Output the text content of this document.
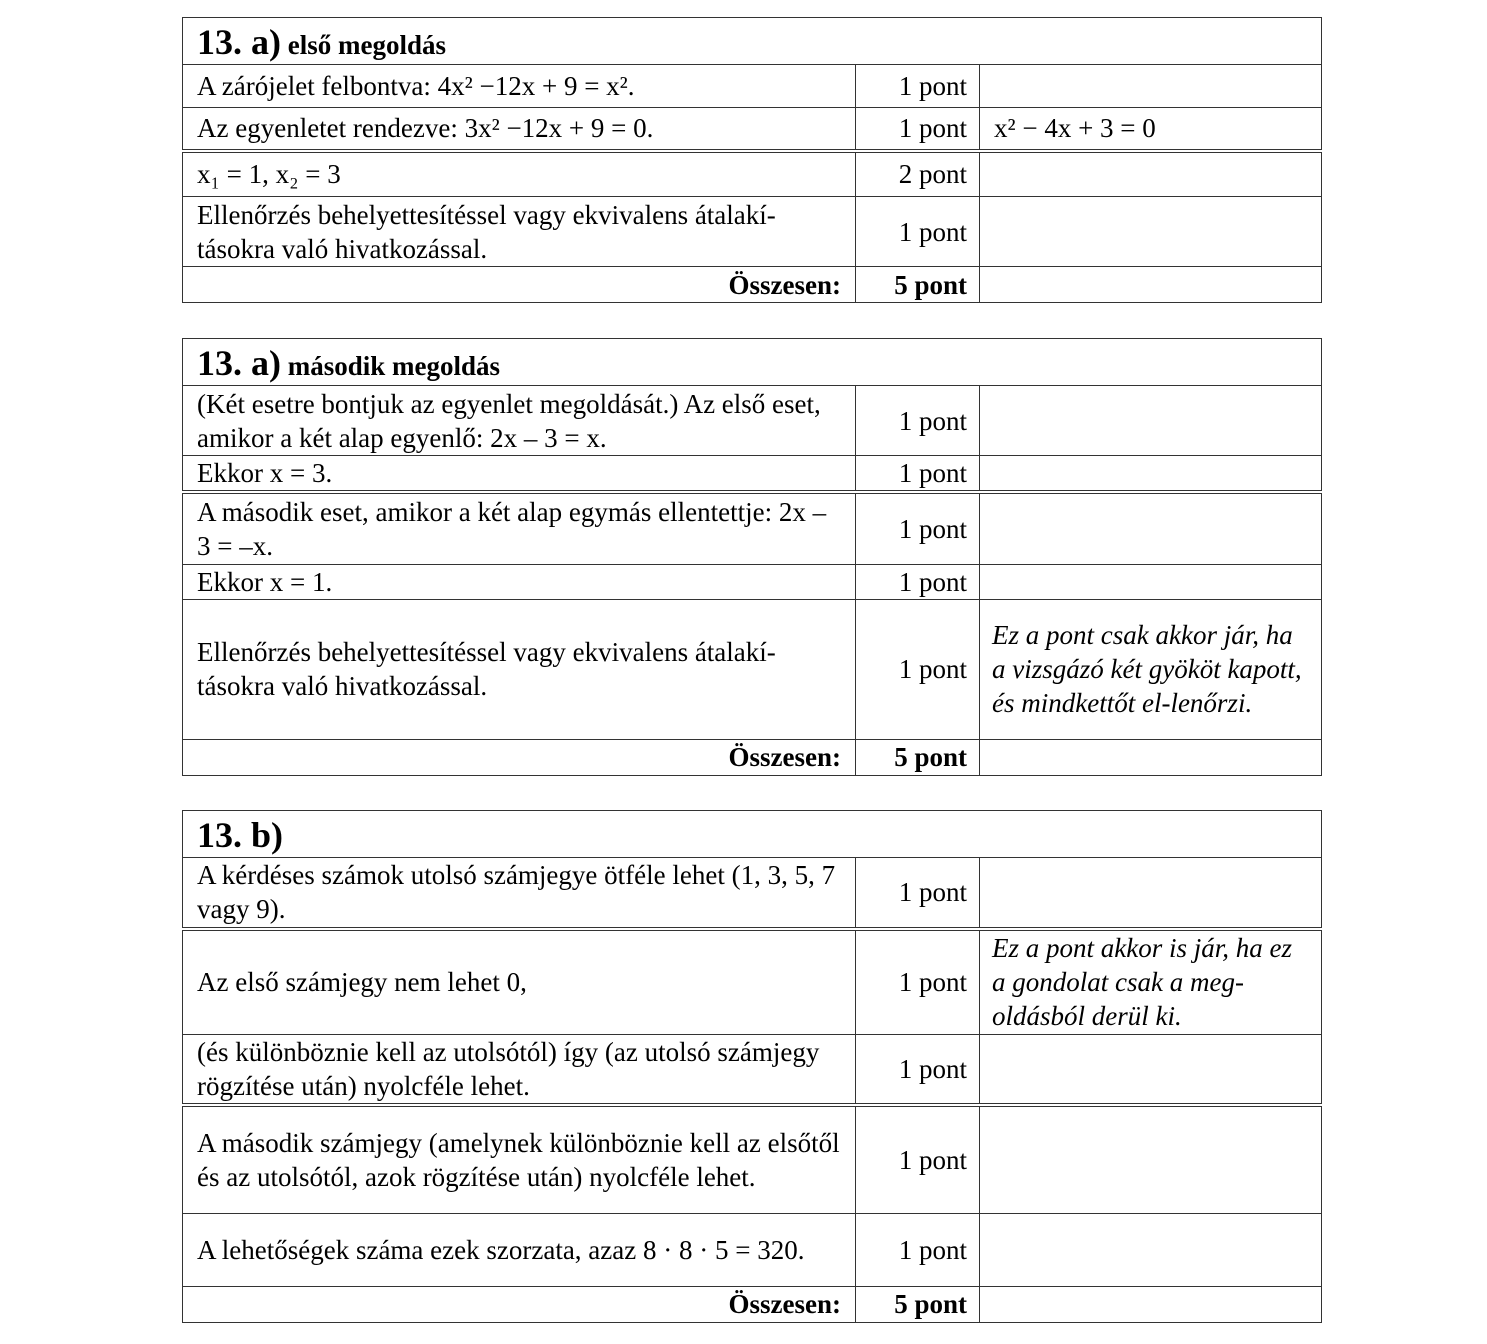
13. a) első megoldás		
A zárójelet felbontva: 4x² −12x + 9 = x².	1 pont	
Az egyenletet rendezve: 3x² −12x + 9 = 0.	1 pont	x² − 4x + 3 = 0
x₁ = 1, x₂ = 3	2 pont	
Ellenőrzés behelyettesítéssel vagy ekvivalens átalakí-tásokra való hivatkozással.	1 pont	
Összesen:	5 pont	
13. a) második megoldás		
(Két esetre bontjuk az egyenlet megoldását.) Az első eset, amikor a két alap egyenlő: 2x – 3 = x.	1 pont	
Ekkor x = 3.	1 pont	
A második eset, amikor a két alap egymás ellentettje: 2x – 3 = –x.	1 pont	
Ekkor x = 1.	1 pont	
Ellenőrzés behelyettesítéssel vagy ekvivalens átalakí-tásokra való hivatkozással.	1 pont	Ez a pont csak akkor jár, ha a vizsgázó két gyököt kapott, és mindkettőt el-lenőrzi.
Összesen:	5 pont	
13. b)		
A kérdéses számok utolsó számjegye ötféle lehet (1, 3, 5, 7 vagy 9).	1 pont	
Az első számjegy nem lehet 0,	1 pont	Ez a pont akkor is jár, ha ez a gondolat csak a meg-oldásból derül ki.
(és különböznie kell az utolsótól) így (az utolsó számjegy rögzítése után) nyolcféle lehet.	1 pont	
A második számjegy (amelynek különböznie kell az elsőtől és az utolsótól, azok rögzítése után) nyolcféle lehet.	1 pont	
A lehetőségek száma ezek szorzata, azaz 8 · 8 · 5 = 320.	1 pont	
Összesen:	5 pont	
